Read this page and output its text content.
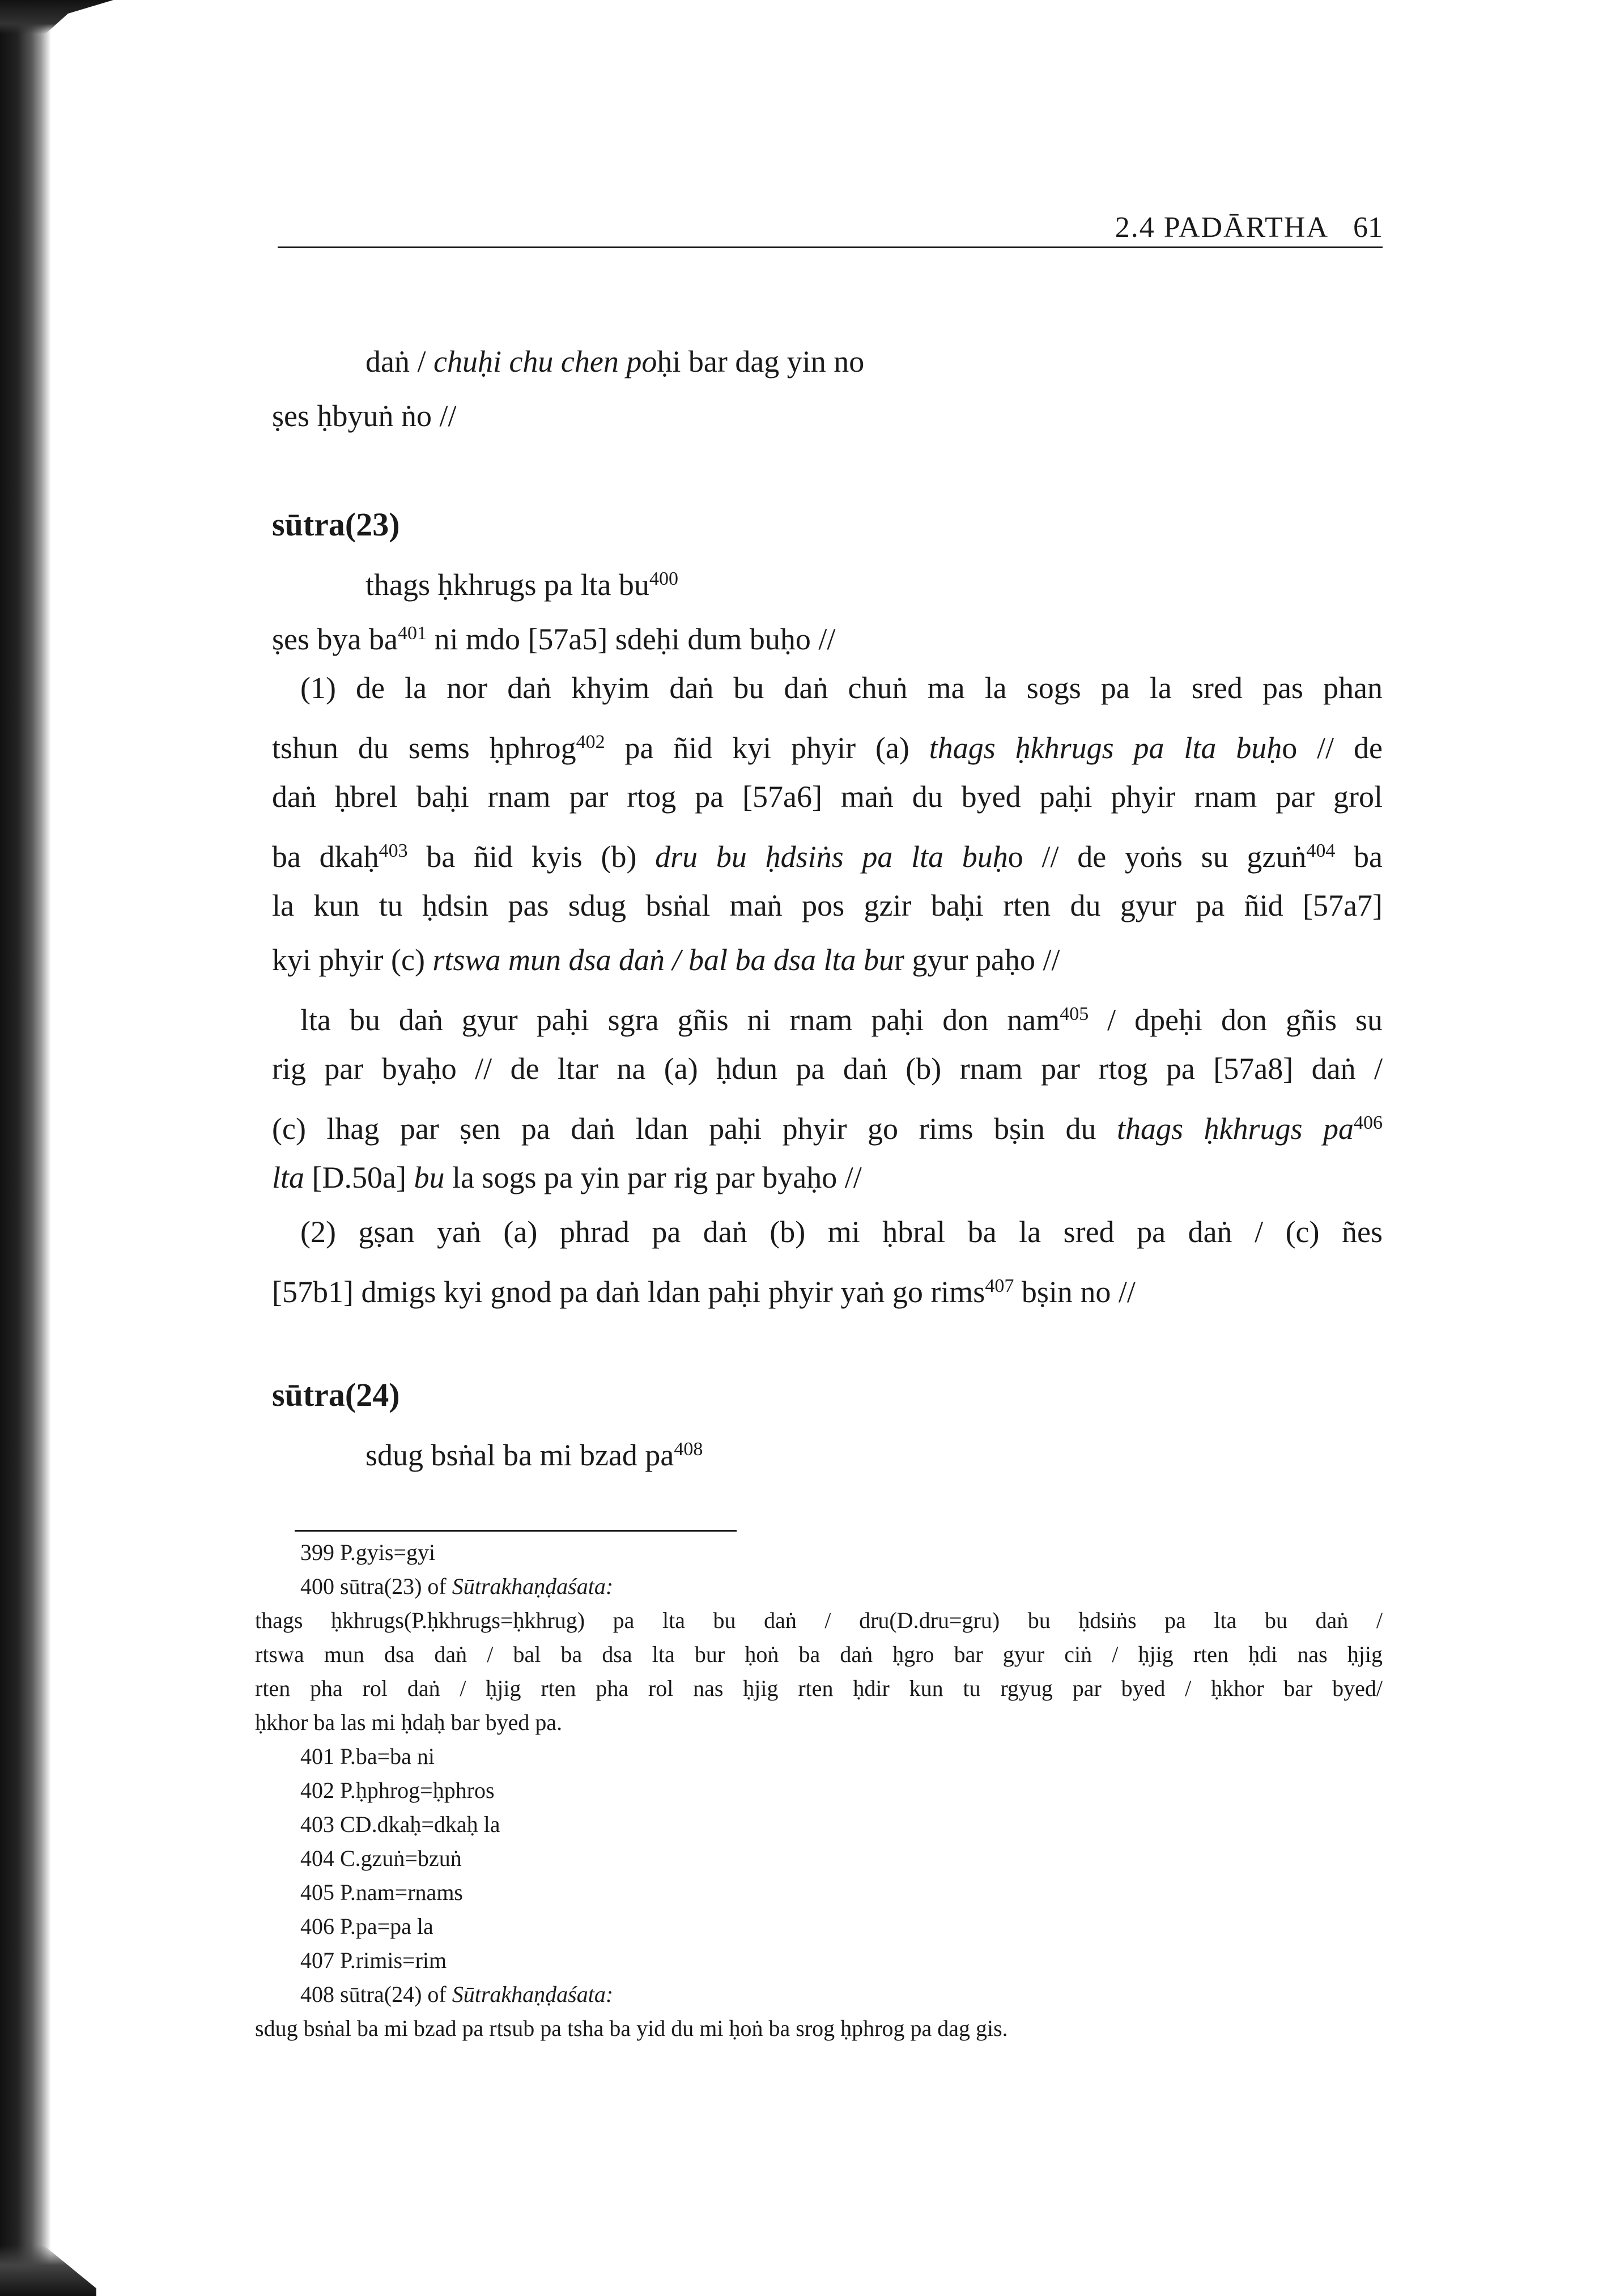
2.4 PADĀRTHA 61
daṅ / chuḥi chu chen poḥi bar dag yin no
ṣes ḥbyuṅ ṅo //
sūtra(23)
thags ḥkhrugs pa lta $bu^{400}$
ṣes bya $ba^{401}$ ni mdo [57a5] sdeḥi dum buḥo //
(1) de la nor daṅ khyim daṅ bu daṅ chuṅ ma la sogs pa la sred pas phan
tshun du sems ḥphrog$^{402}$ pa ñid kyi phyir (a) thags ḥkhrugs pa lta buḥo // de
daṅ ḥbrel baḥi rnam par rtog pa [57a6] maṅ du byed paḥi phyir rnam par grol
ba dkaḥ$^{403}$ ba ñid kyis (b) dru bu ḥdsiṅs pa lta buḥo // de yoṅs su gzuṅ$^{404}$ ba
la kun tu ḥdsin pas sdug bsṅal maṅ pos gzir baḥi rten du gyur pa ñid [57a7]
kyi phyir (c) rtswa mun dsa daṅ / bal ba dsa lta bur gyur paḥo //
lta bu daṅ gyur paḥi sgra gñis ni rnam paḥi don nam$^{405}$ / dpeḥi don gñis su
rig par byaḥo // de ltar na (a) ḥdun pa daṅ (b) rnam par rtog pa [57a8] daṅ /
(c) lhag par ṣen pa daṅ ldan paḥi phyir go rims bṣin du thags ḥkhrugs $pa^{406}$
lta [D.50a] bu la sogs pa yin par rig par byaḥo //
(2) gṣan yaṅ (a) phrad pa daṅ (b) mi ḥbral ba la sred pa daṅ / (c) ñes
[57b1] dmigs kyi gnod pa daṅ ldan paḥi phyir yaṅ go rims$^{407}$ bṣin no //
sūtra(24)
sdug bsṅal ba mi bzad $pa^{408}$
399 P.gyis=gyi
400 sūtra(23) of Sūtrakhaṇḍaśata:
thags ḥkhrugs(P.ḥkhrugs=ḥkhrug) pa lta bu daṅ / dru(D.dru=gru) bu ḥdsiṅs pa lta bu daṅ /
rtswa mun dsa daṅ / bal ba dsa lta bur ḥoṅ ba daṅ ḥgro bar gyur ciṅ / ḥjig rten ḥdi nas ḥjig
rten pha rol daṅ / ḥjig rten pha rol nas ḥjig rten ḥdir kun tu rgyug par byed / ḥkhor bar byed/
ḥkhor ba las mi ḥdaḥ bar byed pa.
401 P.ba=ba ni
402 P.ḥphrog=ḥphros
403 CD.dkaḥ=dkaḥ la
404 C.gzuṅ=bzuṅ
405 P.nam=rnams
406 P.pa=pa la
407 P.rimis=rim
408 sūtra(24) of Sūtrakhaṇḍaśata:
sdug bsṅal ba mi bzad pa rtsub pa tsha ba yid du mi ḥoṅ ba srog ḥphrog pa dag gis.
